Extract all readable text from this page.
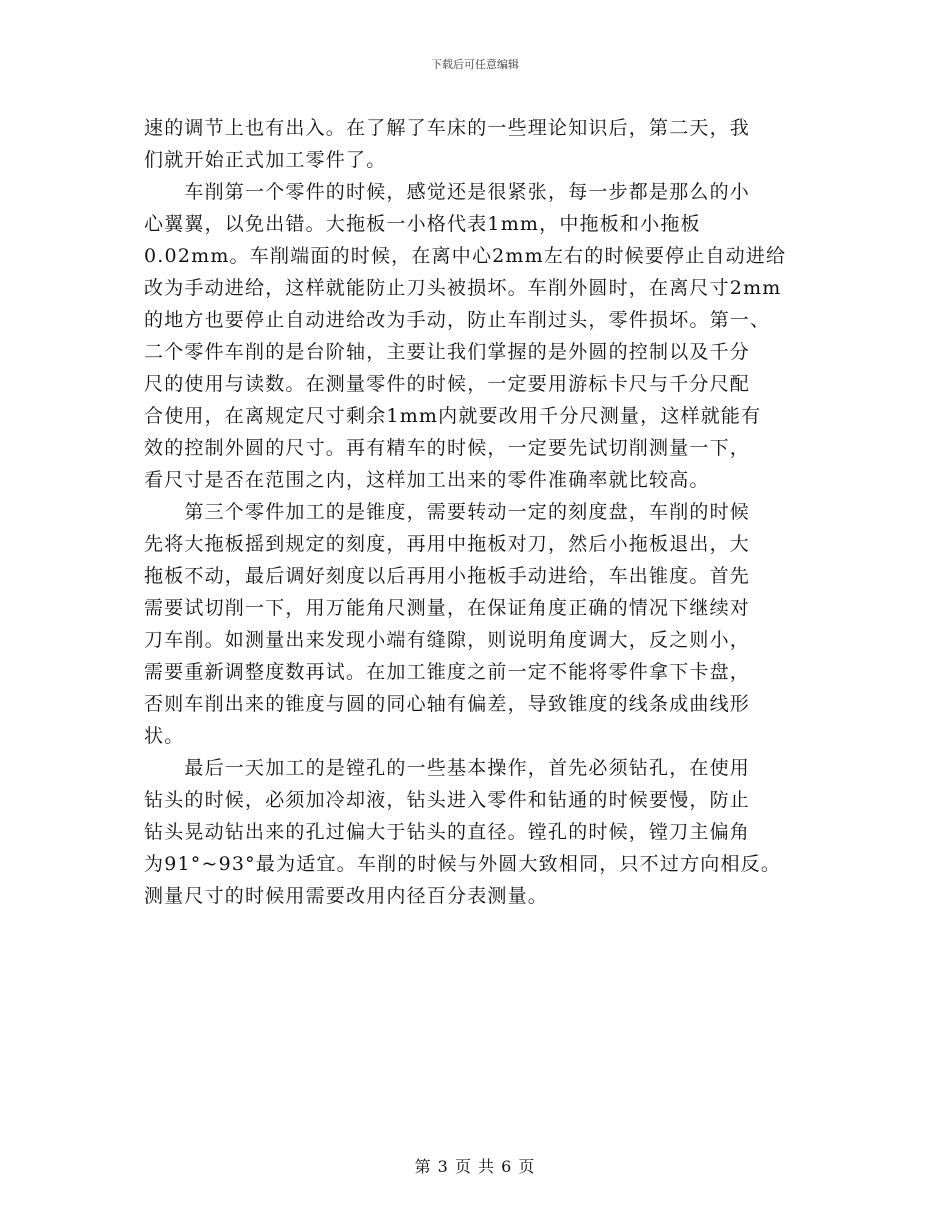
下载后可任意编辑
速的调节上也有出入。在了解了车床的一些理论知识后，第二天，我
们就开始正式加工零件了。
　　车削第一个零件的时候，感觉还是很紧张，每一步都是那么的小
心翼翼，以免出错。大拖板一小格代表1mm，中拖板和小拖板
0.02mm。车削端面的时候，在离中心2mm左右的时候要停止自动进给
改为手动进给，这样就能防止刀头被损坏。车削外圆时，在离尺寸2mm
的地方也要停止自动进给改为手动，防止车削过头，零件损坏。第一、
二个零件车削的是台阶轴，主要让我们掌握的是外圆的控制以及千分
尺的使用与读数。在测量零件的时候，一定要用游标卡尺与千分尺配
合使用，在离规定尺寸剩余1mm内就要改用千分尺测量，这样就能有
效的控制外圆的尺寸。再有精车的时候，一定要先试切削测量一下，
看尺寸是否在范围之内，这样加工出来的零件准确率就比较高。
　　第三个零件加工的是锥度，需要转动一定的刻度盘，车削的时候
先将大拖板摇到规定的刻度，再用中拖板对刀，然后小拖板退出，大
拖板不动，最后调好刻度以后再用小拖板手动进给，车出锥度。首先
需要试切削一下，用万能角尺测量，在保证角度正确的情况下继续对
刀车削。如测量出来发现小端有缝隙，则说明角度调大，反之则小，
需要重新调整度数再试。在加工锥度之前一定不能将零件拿下卡盘，
否则车削出来的锥度与圆的同心轴有偏差，导致锥度的线条成曲线形
状。
　　最后一天加工的是镗孔的一些基本操作，首先必须钻孔，在使用
钻头的时候，必须加冷却液，钻头进入零件和钻通的时候要慢，防止
钻头晃动钻出来的孔过偏大于钻头的直径。镗孔的时候，镗刀主偏角
为91°~93°最为适宜。车削的时候与外圆大致相同，只不过方向相反。
测量尺寸的时候用需要改用内径百分表测量。
第 3 页 共 6 页
